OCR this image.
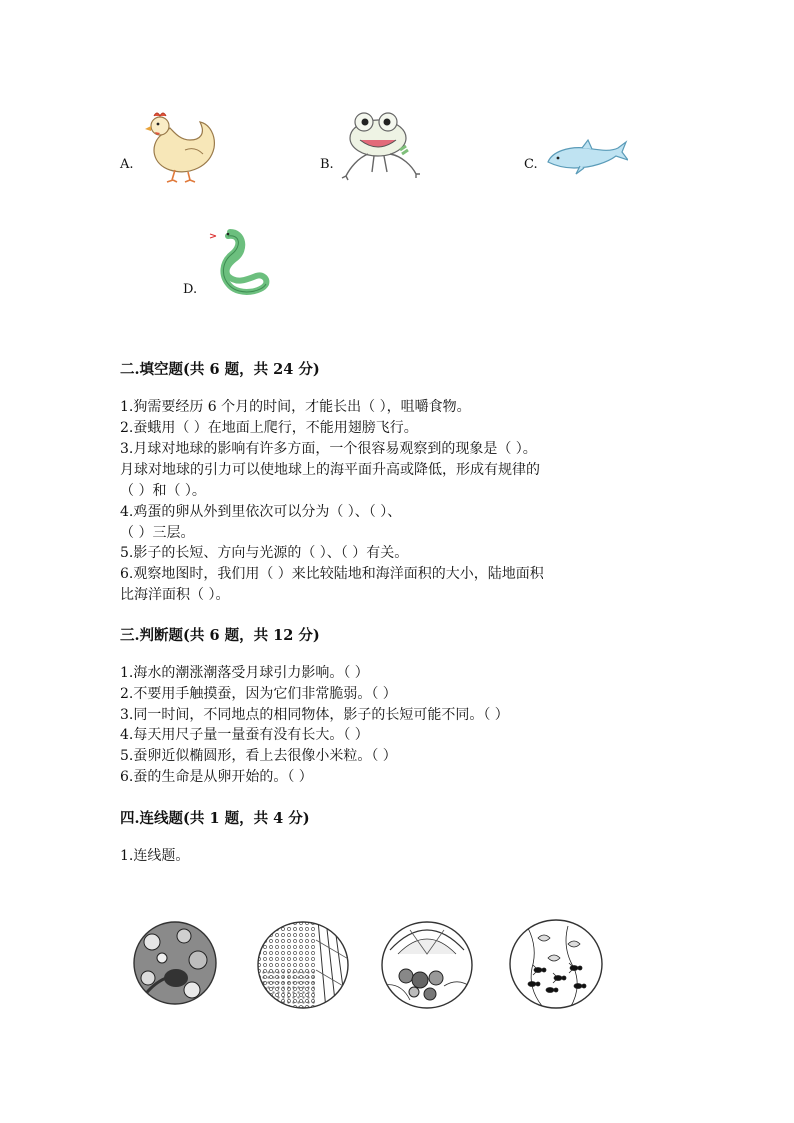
A.	B.	C.
D.
二.填空题(共 6 题，共 24 分)
1.狗需要经历 6 个月的时间，才能长出（ ），咀嚼食物。
2.蚕蛾用（ ）在地面上爬行，不能用翅膀飞行。
3.月球对地球的影响有许多方面，一个很容易观察到的现象是（ ）。
月球对地球的引力可以使地球上的海平面升高或降低，形成有规律的
（ ）和（ ）。
4.鸡蛋的卵从外到里依次可以分为（ ）、（ ）、
（ ）三层。
5.影子的长短、方向与光源的（ ）、（ ）有关。
6.观察地图时，我们用（ ）来比较陆地和海洋面积的大小，陆地面积
比海洋面积（ ）。
三.判断题(共 6 题，共 12 分)
1.海水的潮涨潮落受月球引力影响。（ ）
2.不要用手触摸蚕，因为它们非常脆弱。（ ）
3.同一时间，不同地点的相同物体，影子的长短可能不同。（ ）
4.每天用尺子量一量蚕有没有长大。（ ）
5.蚕卵近似椭圆形，看上去很像小米粒。（ ）
6.蚕的生命是从卵开始的。（ ）
四.连线题(共 1 题，共 4 分)
1.连线题。
